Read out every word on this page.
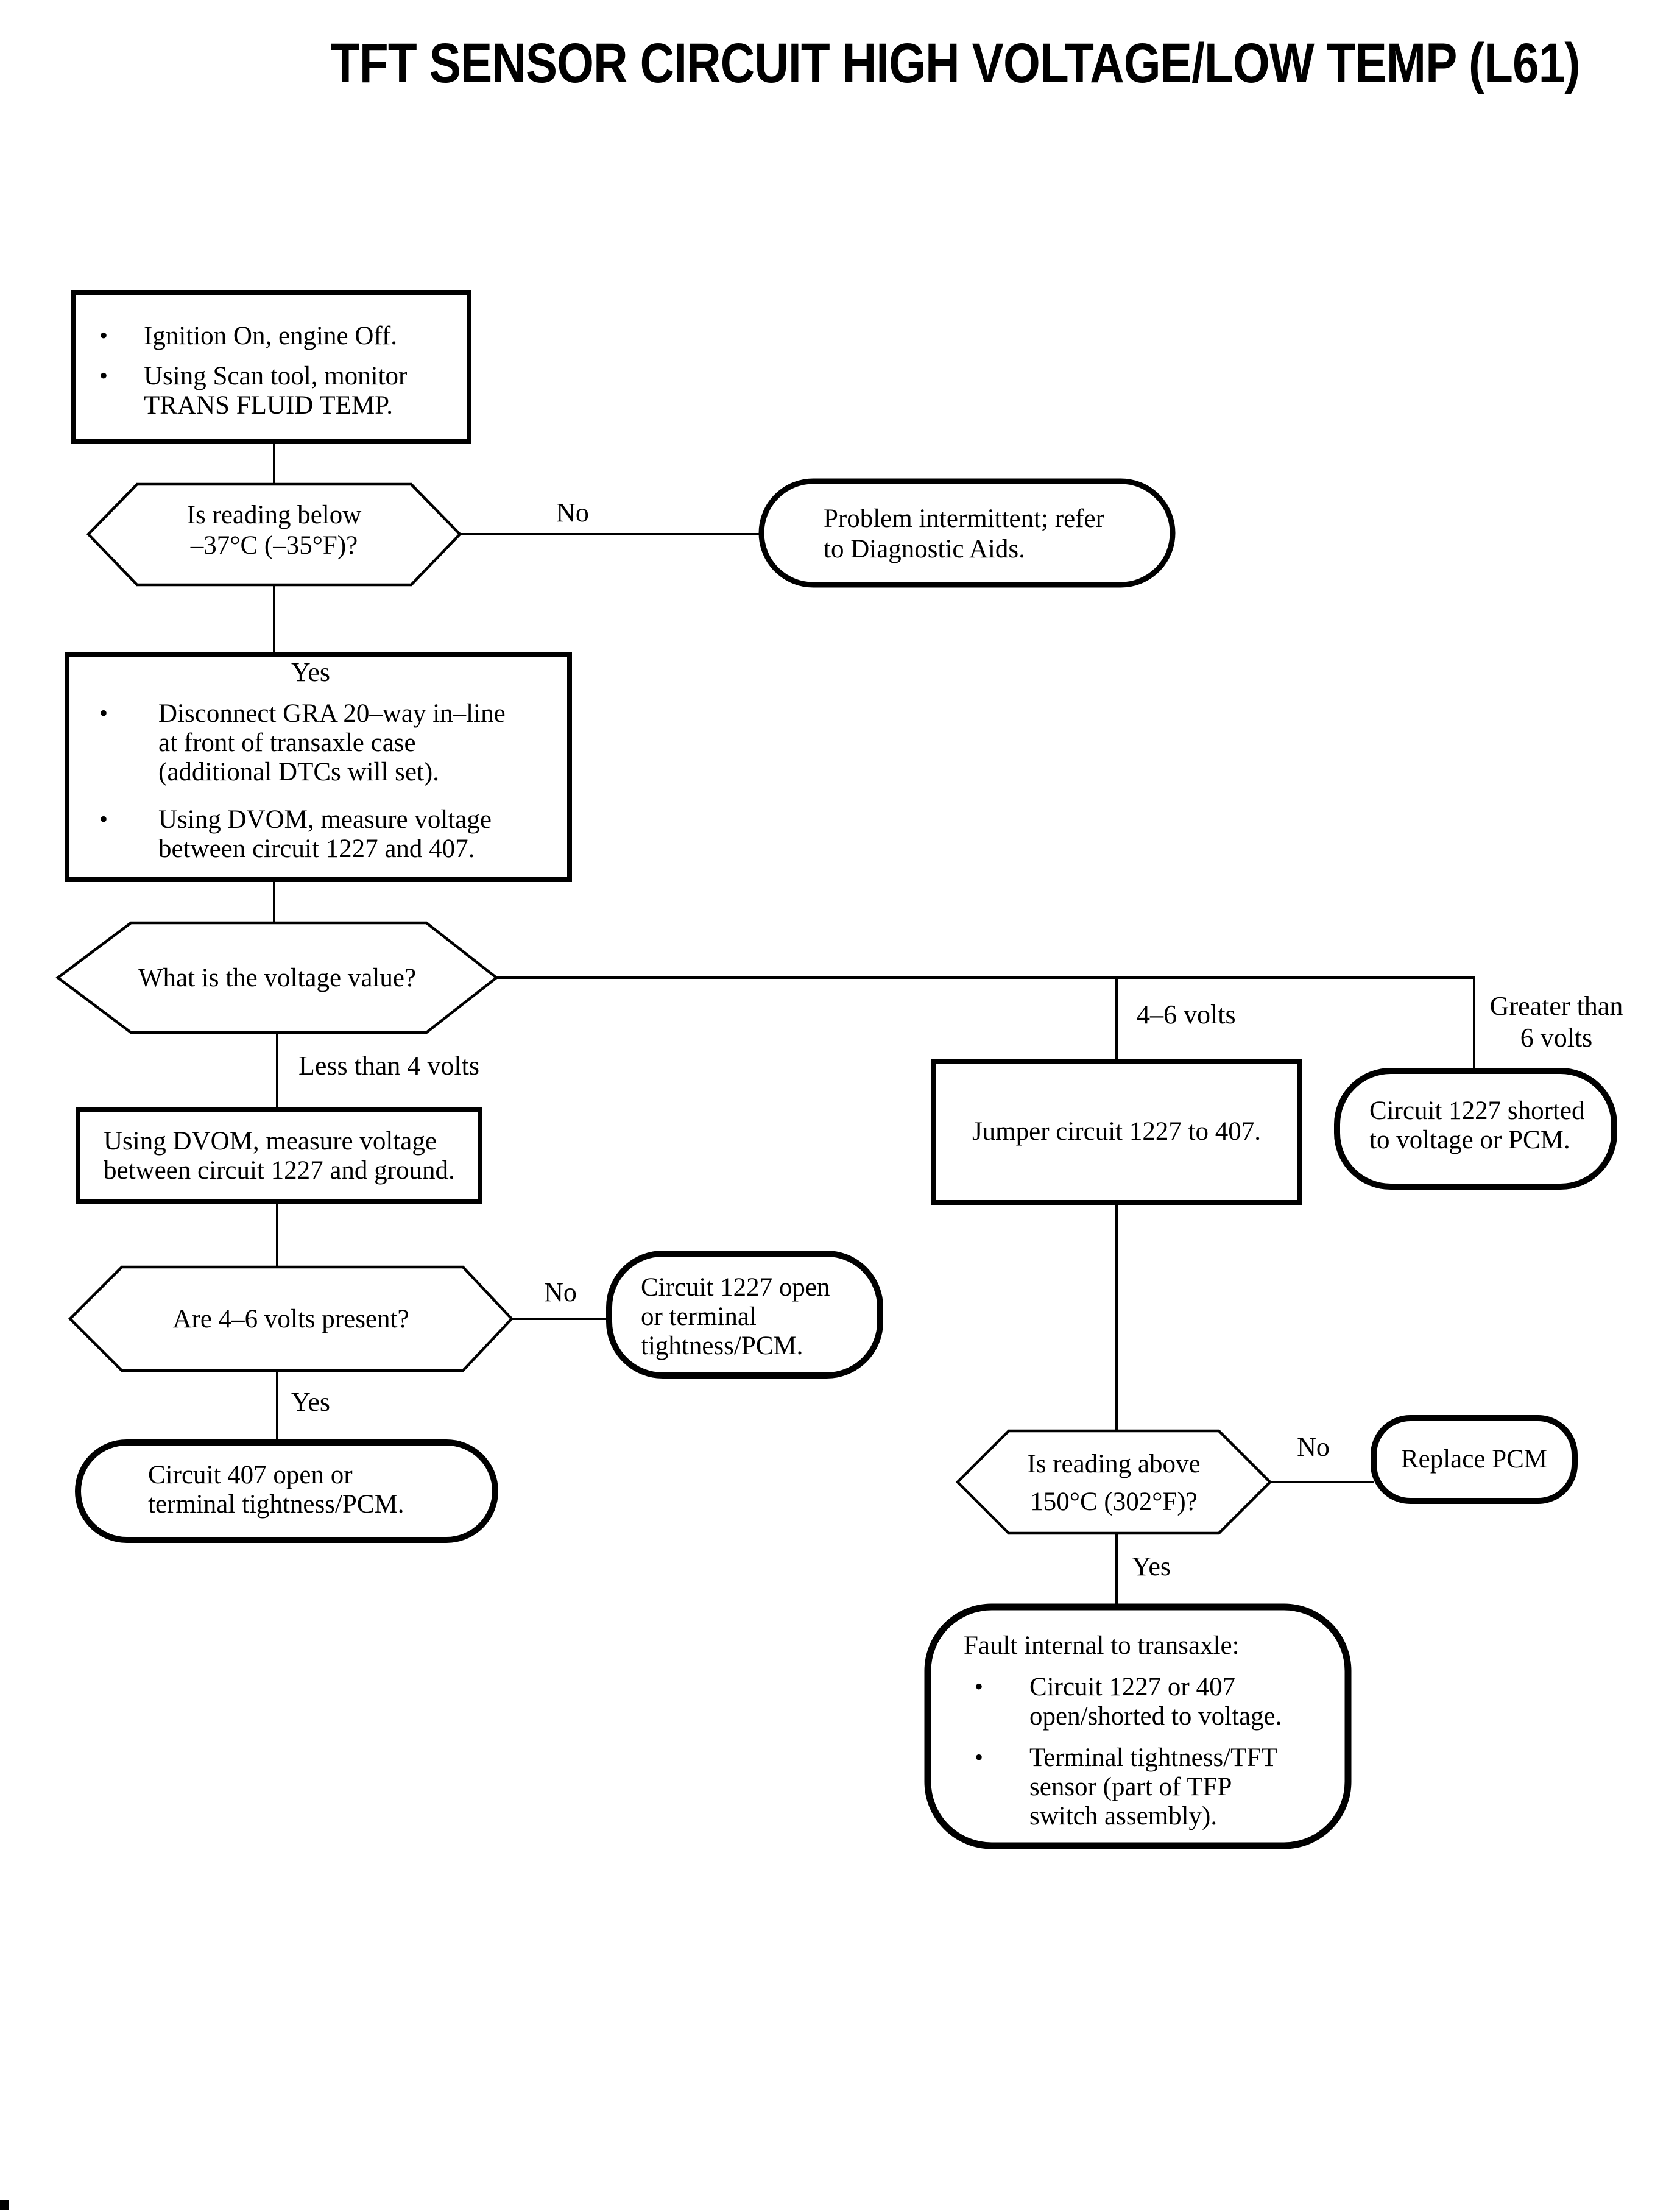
TFT SENSOR CIRCUIT HIGH VOLTAGE/LOW TEMP (L61)
• Ignition On, engine Off.
• Using Scan tool, monitor
TRANS FLUID TEMP.
Is reading below
–37°C (–35°F)?
No
Yes
Problem intermittent; refer
to Diagnostic Aids.
• Disconnect GRA 20–way in–line
at front of transaxle case
(additional DTCs will set).
• Using DVOM, measure voltage
between circuit 1227 and 407.
What is the voltage value?
Less than 4 volts
4–6 volts	Greater than
6 volts
Using DVOM, measure voltage
between circuit 1227 and ground.
Jumper circuit 1227 to 407.
Circuit 1227 shorted
to voltage or PCM.
Are 4–6 volts present?
No
Yes
Circuit 1227 open
or terminal
tightness/PCM.
Circuit 407 open or
terminal tightness/PCM.
Is reading above
150°C (302°F)?
No
Yes
Replace PCM
Fault internal to transaxle:
• Circuit 1227 or 407
open/shorted to voltage.
• Terminal tightness/TFT
sensor (part of TFP
switch assembly).
